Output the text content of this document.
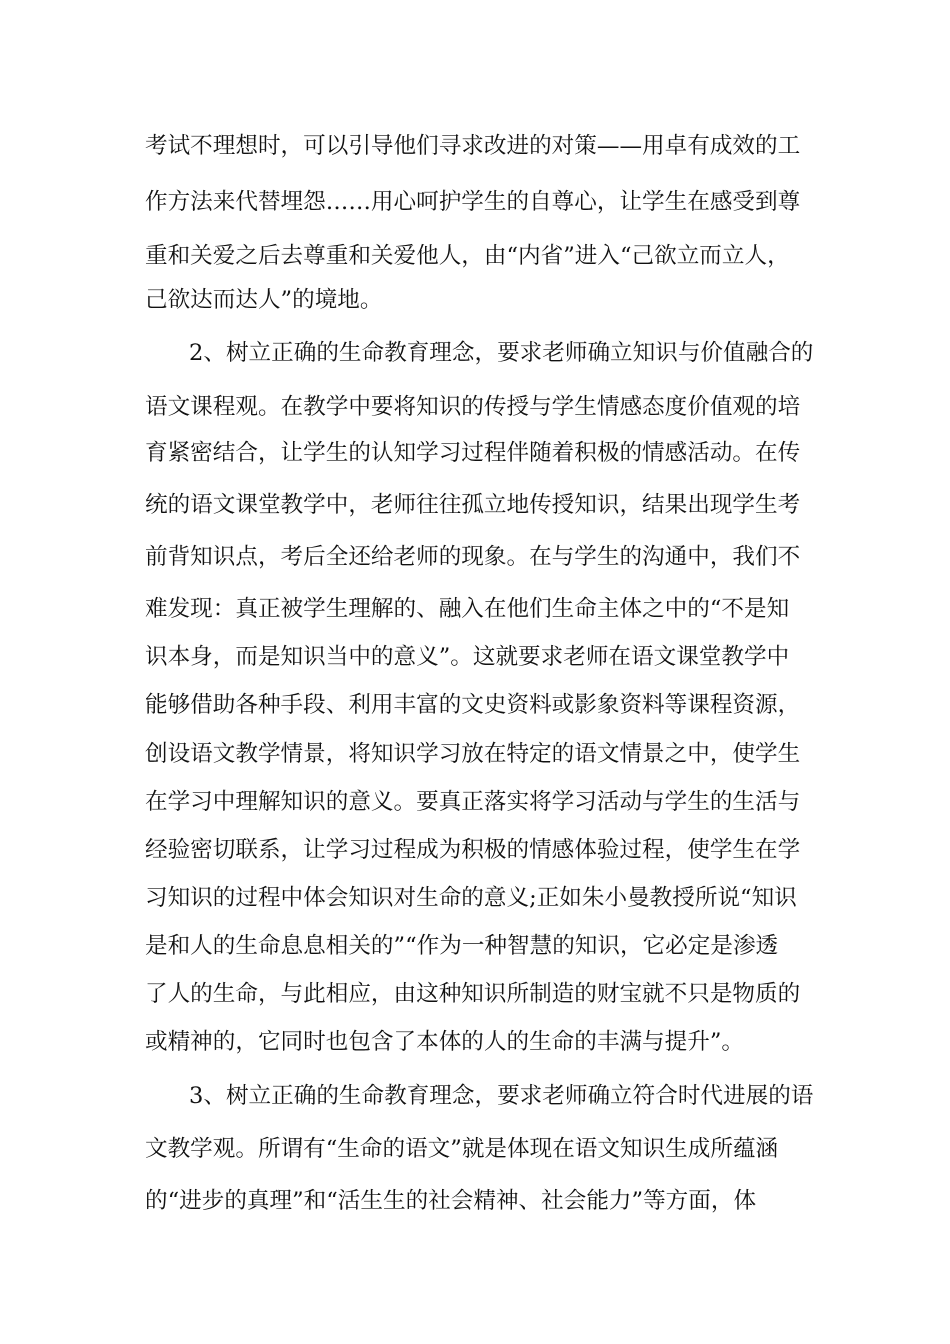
考试不理想时，可以引导他们寻求改进的对策——用卓有成效的工
作方法来代替埋怨……用心呵护学生的自尊心，让学生在感受到尊
重和关爱之后去尊重和关爱他人，由“内省”进入“己欲立而立人，
己欲达而达人”的境地。
2、树立正确的生命教育理念，要求老师确立知识与价值融合的
语文课程观。在教学中要将知识的传授与学生情感态度价值观的培
育紧密结合，让学生的认知学习过程伴随着积极的情感活动。在传
统的语文课堂教学中，老师往往孤立地传授知识，结果出现学生考
前背知识点，考后全还给老师的现象。在与学生的沟通中，我们不
难发现：真正被学生理解的、融入在他们生命主体之中的“不是知
识本身，而是知识当中的意义”。这就要求老师在语文课堂教学中
能够借助各种手段、利用丰富的文史资料或影象资料等课程资源，
创设语文教学情景，将知识学习放在特定的语文情景之中，使学生
在学习中理解知识的意义。要真正落实将学习活动与学生的生活与
经验密切联系，让学习过程成为积极的情感体验过程，使学生在学
习知识的过程中体会知识对生命的意义;正如朱小曼教授所说“知识
是和人的生命息息相关的”“作为一种智慧的知识，它必定是渗透
了人的生命，与此相应，由这种知识所制造的财宝就不只是物质的
或精神的，它同时也包含了本体的人的生命的丰满与提升”。
3、树立正确的生命教育理念，要求老师确立符合时代进展的语
文教学观。所谓有“生命的语文”就是体现在语文知识生成所蕴涵
的“进步的真理”和“活生生的社会精神、社会能力”等方面，体
